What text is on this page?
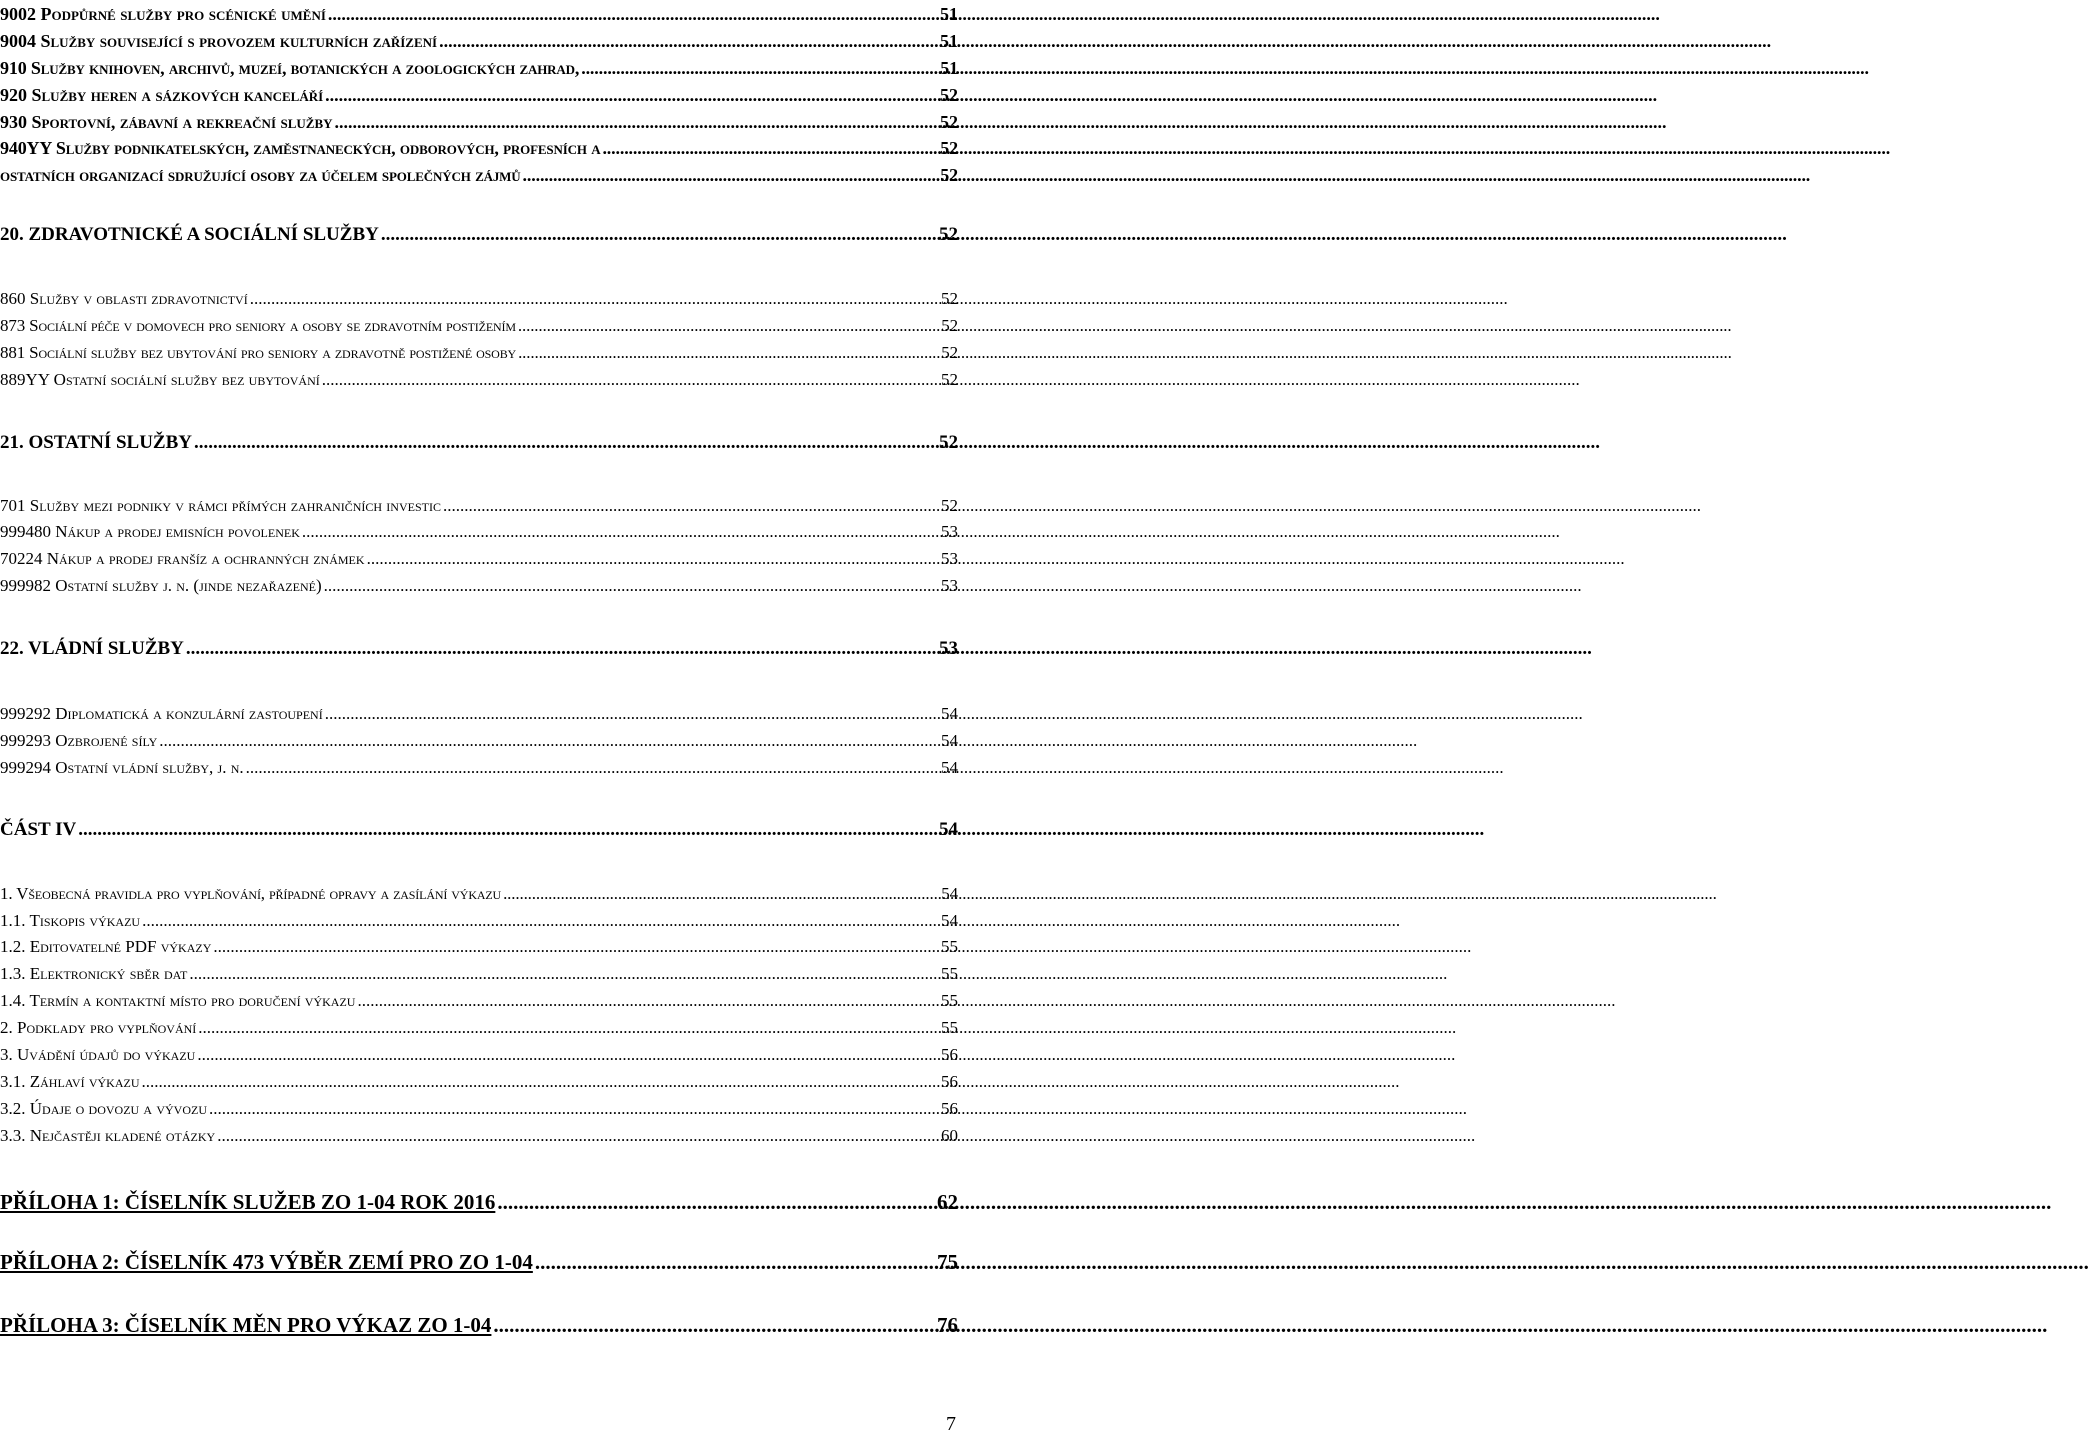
9002 Podpůrné služby pro scénické umění .....	51
9004 Služby související s provozem kulturních zařízení .....	51
910 Služby knihoven, archivů, muzeí, botanických a zoologických zahrad, .....	51
920 Služby heren a sázkových kanceláří .....	52
930 Sportovní, zábavní a rekreační služby .....	52
940YY Služby podnikatelských, zaměstnaneckých, odborových, profesních a .....	52
ostatních organizací sdružující osoby za účelem společných zájmů .....	52
20. ZDRAVOTNICKÉ A SOCIÁLNÍ SLUŽBY .....	52
860 Služby v oblasti zdravotnictví .....	52
873 Sociální péče v domovech pro seniory a osoby se zdravotním postižením .....	52
881 Sociální služby bez ubytování pro seniory a zdravotně postižené osoby .....	52
889YY Ostatní sociální služby bez ubytování .....	52
21. OSTATNÍ SLUŽBY .....	52
701 Služby mezi podniky v rámci přímých zahraničních investic .....	52
999480 Nákup a prodej emisních povolenek .....	53
70224 Nákup a prodej franšíz a ochranných známek .....	53
999982 Ostatní služby j. n. (jinde nezařazené) .....	53
22. VLÁDNÍ SLUŽBY .....	53
999292 Diplomatická a konzulární zastoupení .....	54
999293 Ozbrojené síly .....	54
999294 Ostatní vládní služby, j. n. .....	54
ČÁST IV .....	54
1. Všeobecná pravidla pro vyplňování, případné opravy a zasílání výkazu .....	54
1.1. Tiskopis výkazu .....	54
1.2. Editovatelné PDF výkazy .....	55
1.3. Elektronický sběr dat .....	55
1.4. Termín a kontaktní místo pro doručení výkazu .....	55
2. Podklady pro vyplňování .....	55
3. Uvádění údajů do výkazu .....	56
3.1. Záhlaví výkazu .....	56
3.2. Údaje o dovozu a vývozu .....	56
3.3. Nejčastěji kladené otázky .....	60
PŘÍLOHA 1: ČÍSELNÍK SLUŽEB ZO 1-04 ROK 2016 .....	62
PŘÍLOHA 2: ČÍSELNÍK 473 VÝBĚR ZEMÍ PRO ZO 1-04 .....	75
PŘÍLOHA 3: ČÍSELNÍK MĚN PRO VÝKAZ ZO 1-04 .....	76
7
